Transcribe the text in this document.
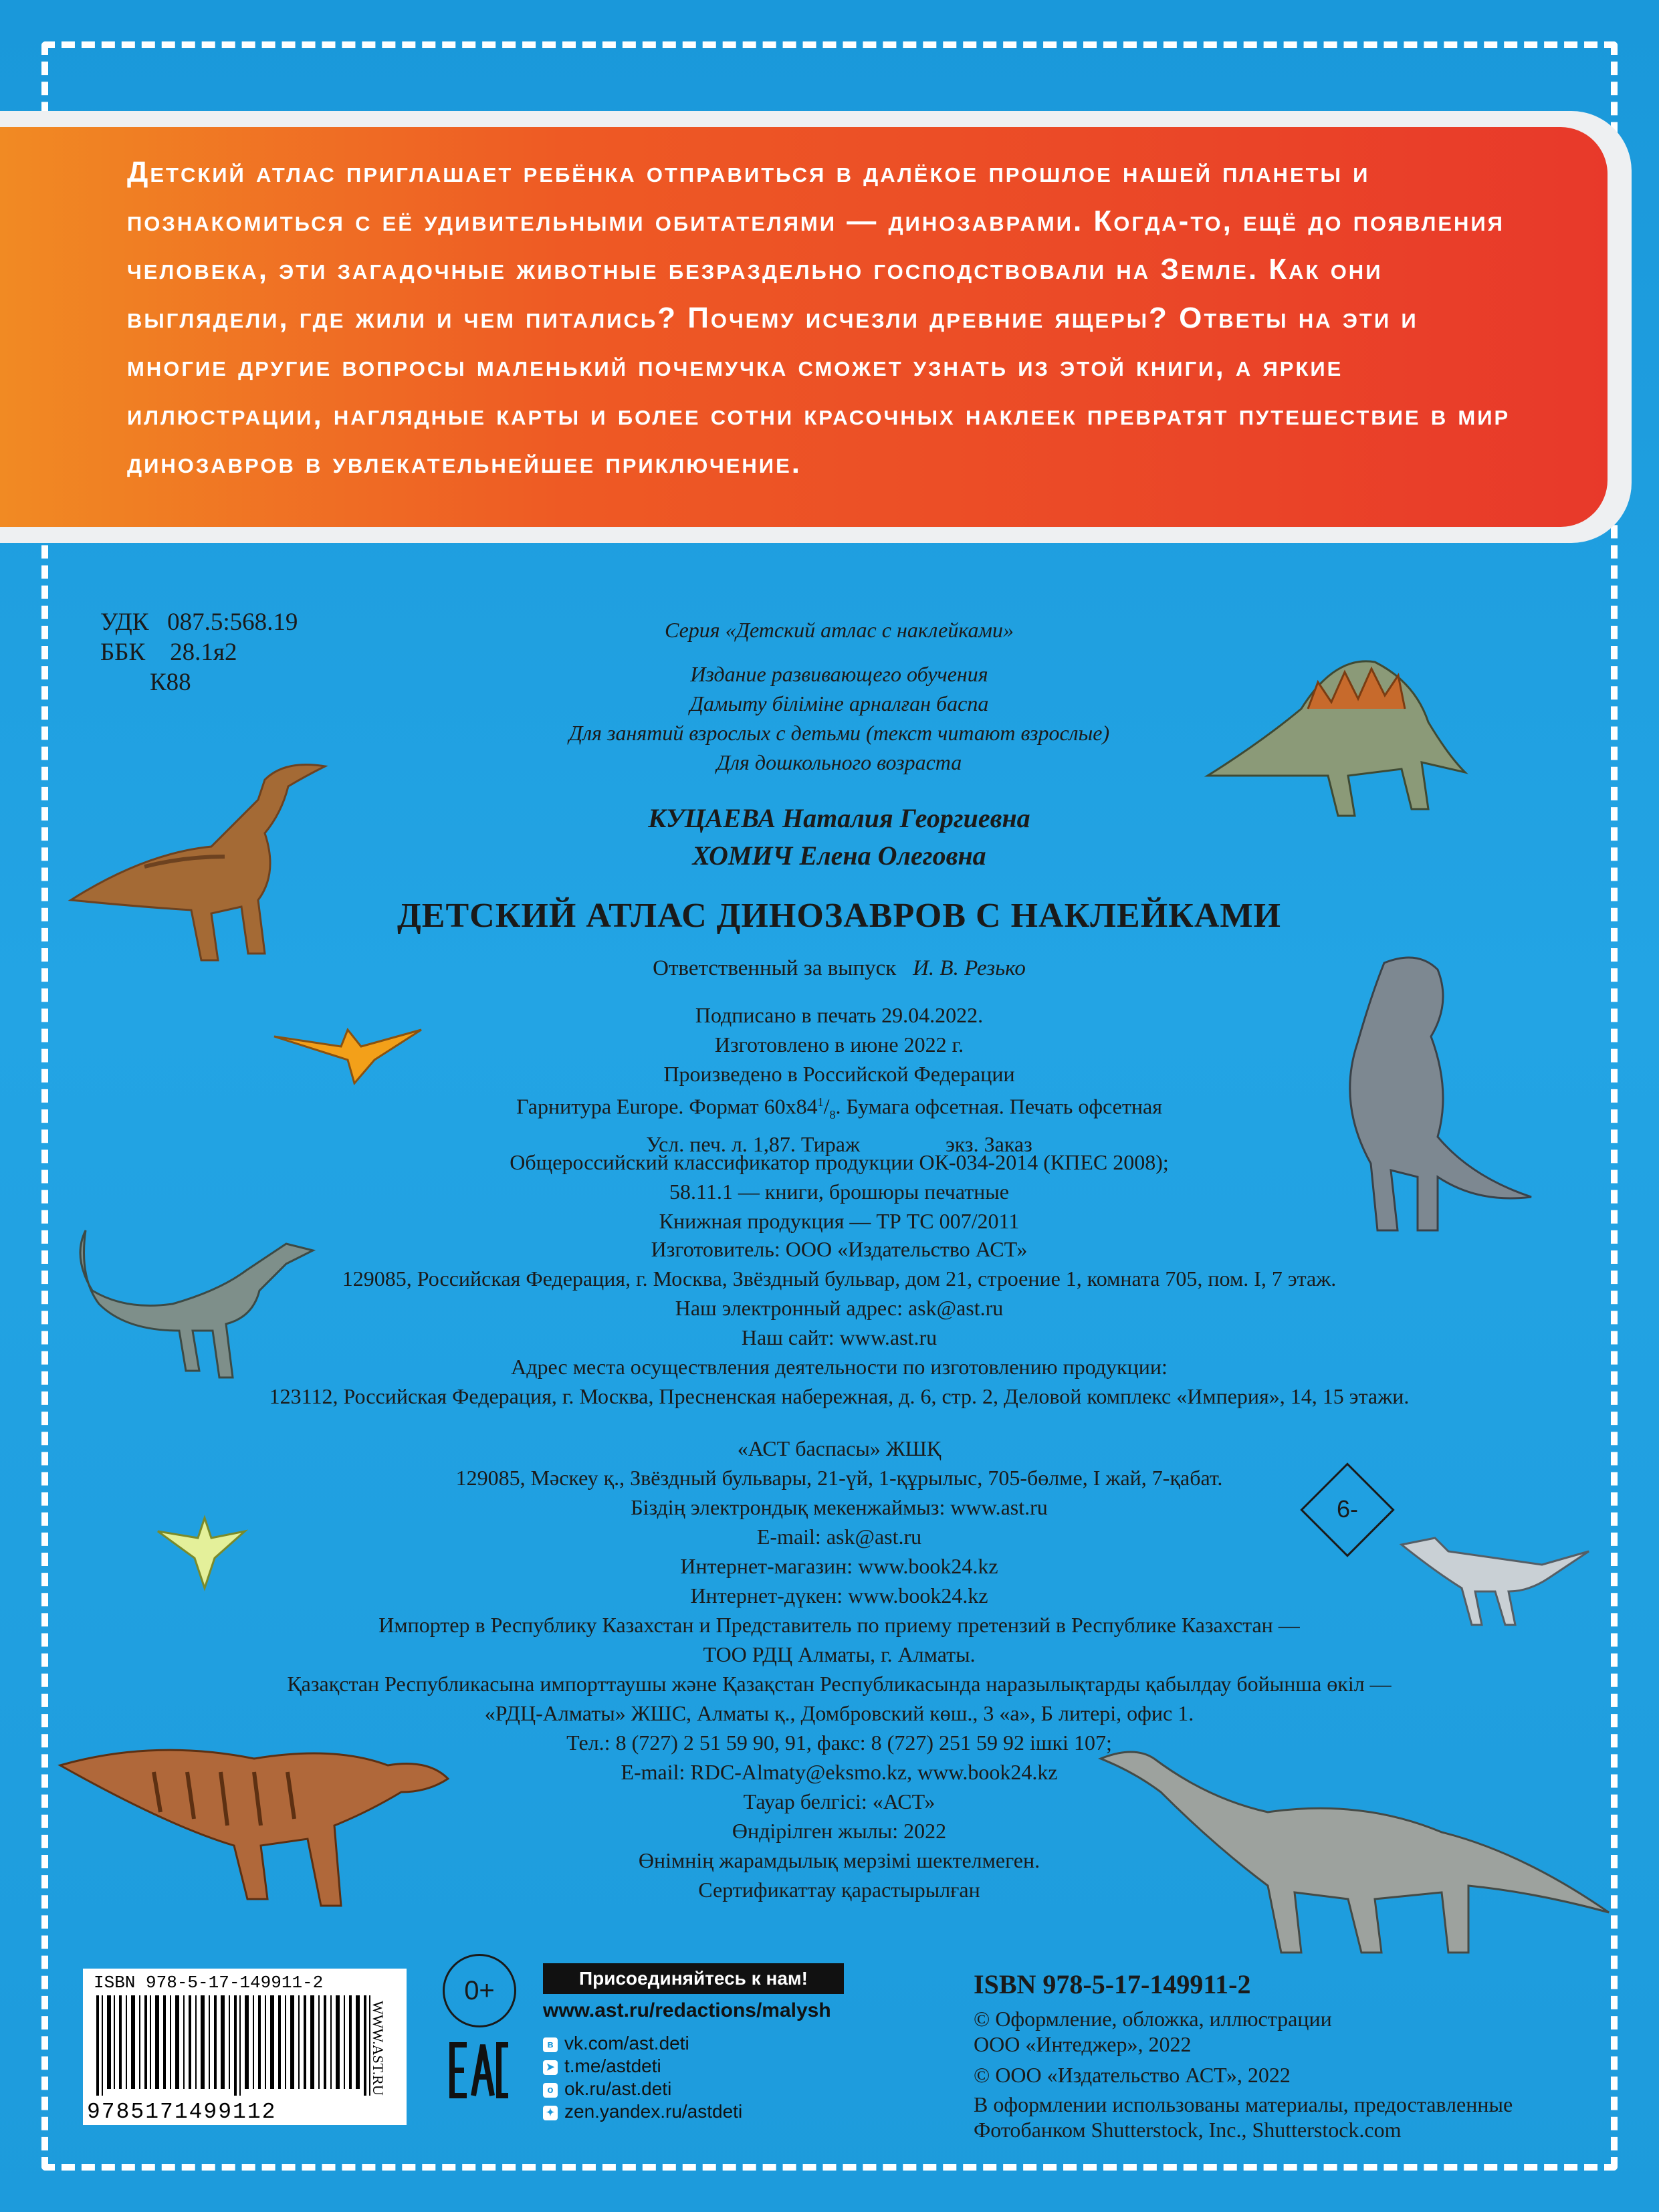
Детский атлас приглашает ребёнка отправиться в далёкое прошлое нашей планеты и познакомиться с её удивительными обитателями — динозаврами. Когда-то, ещё до появления человека, эти загадочные животные безраздельно господствовали на Земле. Как они выглядели, где жили и чем питались? Почему исчезли древние ящеры? Ответы на эти и многие другие вопросы маленький почемучка сможет узнать из этой книги, а яркие иллюстрации, наглядные карты и более сотни красочных наклеек превратят путешествие в мир динозавров в увлекательнейшее приключение.

УДК   087.5:568.19
ББК    28.1я2
К88
Серия «Детский атлас с наклейками»
Издание развивающего обучения
Дамыту біліміне арналған баспа
Для занятий взрослых с детьми (текст читают взрослые)
Для дошкольного возраста
КУЦАЕВА Наталия Георгиевна
ХОМИЧ Елена Олеговна
ДЕТСКИЙ АТЛАС ДИНОЗАВРОВ С НАКЛЕЙКАМИ
Ответственный за выпуск И. В. Резько
Подписано в печать 29.04.2022.
Изготовлено в июне 2022 г.
Произведено в Российской Федерации
Гарнитура Europe. Формат $60х84^1/_8$. Бумага офсетная. Печать офсетная
Усл. печ. л. 1,87. Тираж                экз. Заказ
Общероссийский классификатор продукции ОК-034-2014 (КПЕС 2008);
58.11.1 — книги, брошюры печатные
Книжная продукция — ТР ТС 007/2011
Изготовитель: ООО «Издательство АСТ»
129085, Российская Федерация, г. Москва, Звёздный бульвар, дом 21, строение 1, комната 705, пом. I, 7 этаж.
Наш электронный адрес: ask@ast.ru
Наш сайт: www.ast.ru
Адрес места осуществления деятельности по изготовлению продукции:
123112, Российская Федерация, г. Москва, Пресненская набережная, д. 6, стр. 2, Деловой комплекс «Империя», 14, 15 этажи.
«АСТ баспасы» ЖШҚ
129085, Мәскеу қ., Звёздный бульвары, 21-үй, 1-құрылыс, 705-бөлме, I жай, 7-қабат.
Біздің электрондық мекенжаймыз: www.ast.ru
E-mail: ask@ast.ru
Интернет-магазин: www.book24.kz
Интернет-дүкен: www.book24.kz
Импортер в Республику Казахстан и Представитель по приему претензий в Республике Казахстан —
ТОО РДЦ Алматы, г. Алматы.
Қазақстан Республикасына импорттаушы және Қазақстан Республикасында наразылықтарды қабылдау бойынша өкіл —
«РДЦ-Алматы» ЖШС, Алматы қ., Домбровский көш., 3 «а», Б литері, офис 1.
Тел.: 8 (727) 2 51 59 90, 91, факс: 8 (727) 251 59 92 ішкі 107;
E-mail: RDC-Almaty@eksmo.kz, www.book24.kz
Тауар белгісі: «АСТ»
Өндірілген жылы: 2022
Өнімнің жарамдылық мерзімі шектелмеген.
Сертификаттау қарастырылған
6-
ISBN 978-5-17-149911-2
9785171499112
WWW.AST.RU
0+
ЕАС
Присоединяйтесь к нам!
www.ast.ru/redactions/malysh
в vk.com/ast.deti
➤ t.me/astdeti
о ok.ru/ast.deti
✦ zen.yandex.ru/astdeti
ISBN 978-5-17-149911-2
© Оформление, обложка, иллюстрации
ООО «Интеджер», 2022
© ООО «Издательство АСТ», 2022
В оформлении использованы материалы, предоставленные
Фотобанком Shutterstock, Inc., Shutterstock.com
